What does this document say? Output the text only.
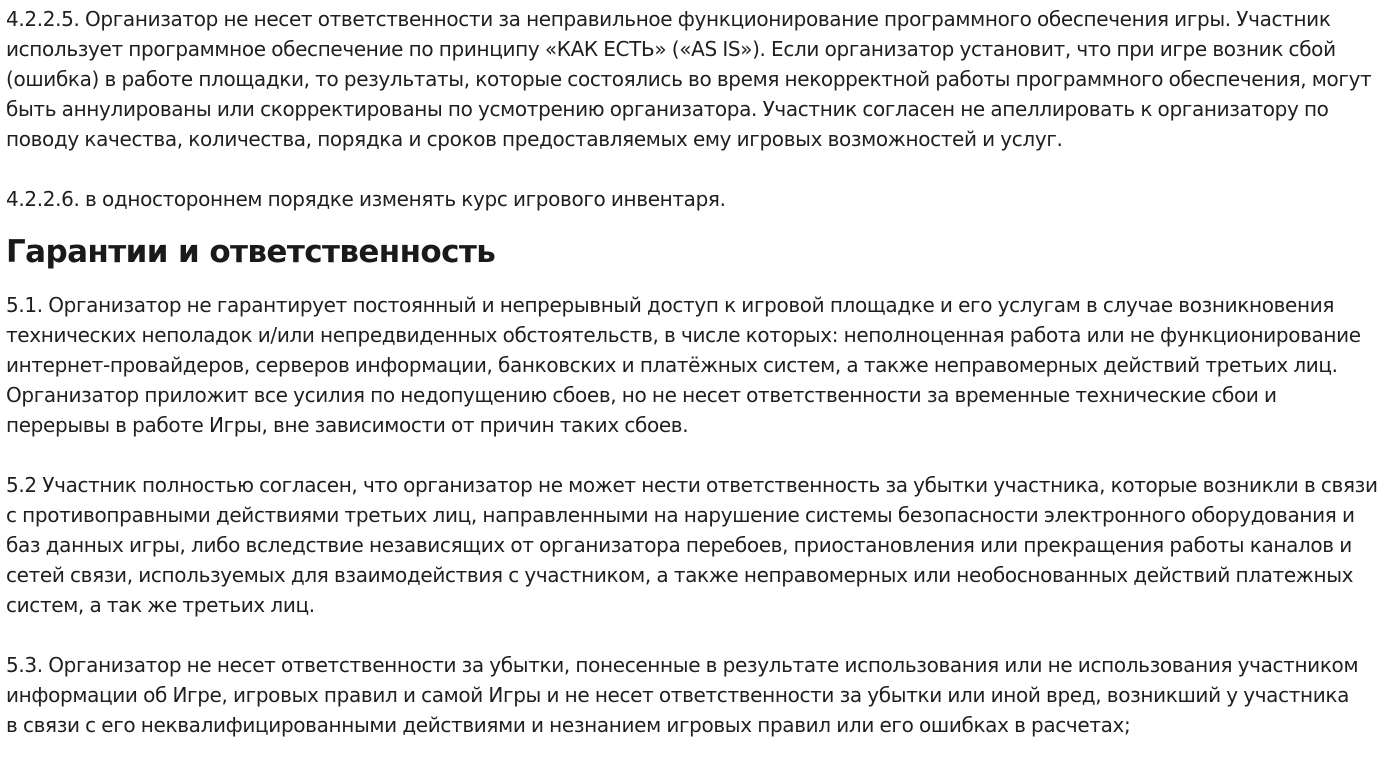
4.2.2.5. Организатор не несет ответственности за неправильное функционирование программного обеспечения игры. Участник
использует программное обеспечение по принципу «КАК ЕСТЬ» («AS IS»). Если организатор установит, что при игре возник сбой
(ошибка) в работе площадки, то результаты, которые состоялись во время некорректной работы программного обеспечения, могут
быть аннулированы или скорректированы по усмотрению организатора. Участник согласен не апеллировать к организатору по
поводу качества, количества, порядка и сроков предоставляемых ему игровых возможностей и услуг.

4.2.2.6. в одностороннем порядке изменять курс игрового инвентаря.

Гарантии и ответственность

5.1. Организатор не гарантирует постоянный и непрерывный доступ к игровой площадке и его услугам в случае возникновения
технических неполадок и/или непредвиденных обстоятельств, в числе которых: неполноценная работа или не функционирование
интернет-провайдеров, серверов информации, банковских и платёжных систем, а также неправомерных действий третьих лиц.
Организатор приложит все усилия по недопущению сбоев, но не несет ответственности за временные технические сбои и
перерывы в работе Игры, вне зависимости от причин таких сбоев.

5.2 Участник полностью согласен, что организатор не может нести ответственность за убытки участника, которые возникли в связи
с противоправными действиями третьих лиц, направленными на нарушение системы безопасности электронного оборудования и
баз данных игры, либо вследствие независящих от организатора перебоев, приостановления или прекращения работы каналов и
сетей связи, используемых для взаимодействия с участником, а также неправомерных или необоснованных действий платежных
систем, а так же третьих лиц.

5.3. Организатор не несет ответственности за убытки, понесенные в результате использования или не использования участником
информации об Игре, игровых правил и самой Игры и не несет ответственности за убытки или иной вред, возникший у участника
в связи с его неквалифицированными действиями и незнанием игровых правил или его ошибках в расчетах;
